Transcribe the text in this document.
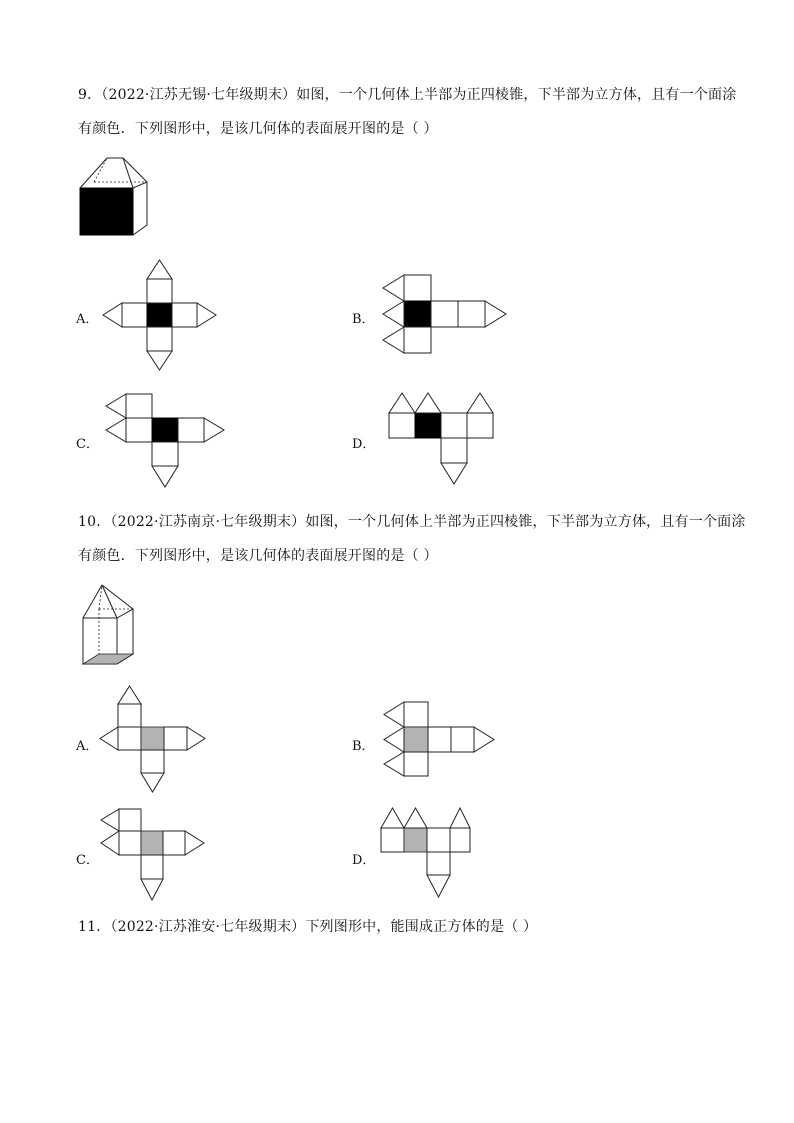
9．（2022·江苏无锡·七年级期末）如图，一个几何体上半部为正四棱锥，下半部为立方体，且有一个面涂
有颜色．下列图形中，是该几何体的表面展开图的是（ ）
A．	B．
C．	D．
10．（2022·江苏南京·七年级期末）如图，一个几何体上半部为正四棱锥，下半部为立方体，且有一个面涂
有颜色．下列图形中，是该几何体的表面展开图的是（ ）
A．	B．
C．	D．
11．（2022·江苏淮安·七年级期末）下列图形中，能围成正方体的是（ ）
